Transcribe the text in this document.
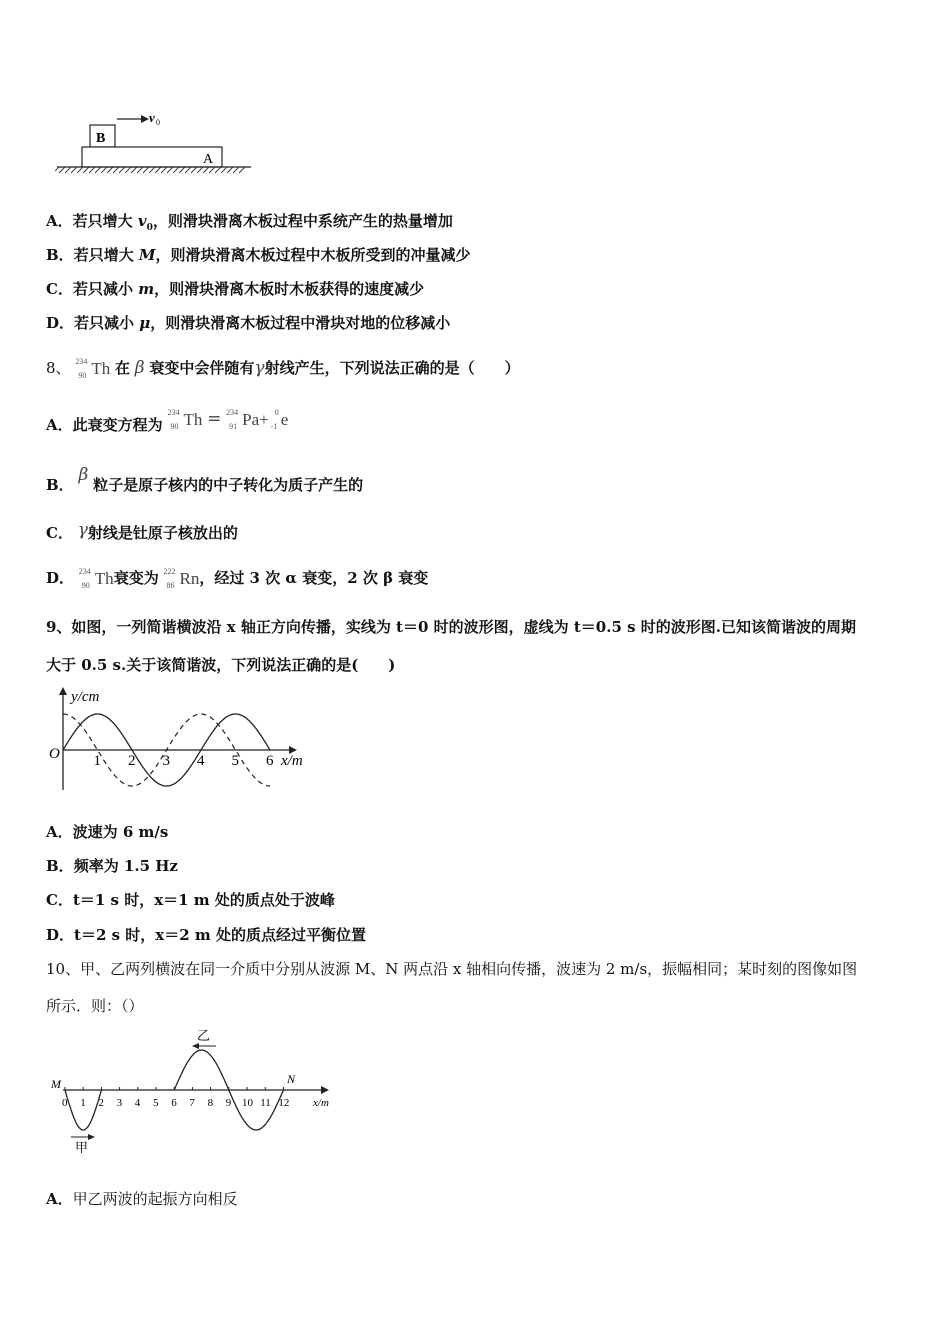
v 0
B
A
A．若只增大 $v_0$，则滑块滑离木板过程中系统产生的热量增加
B．若只增大 M，则滑块滑离木板过程中木板所受到的冲量减少
C．若只减小 m，则滑块滑离木板时木板获得的速度减少
D．若只减小 μ，则滑块滑离木板过程中滑块对地的位移减小
8、 234
90 Th 在 β 衰变中会伴随有γ射线产生，下列说法正确的是（　　）
A．此衰变方程为
234
90 Th = 234
91 Pa+ 0
-1 e
B． β 粒子是原子核内的中子转化为质子产生的
C． γ射线是钍原子核放出的
D． 234
90 Th衰变为 222
86 Rn，经过 3 次 α 衰变，2 次 β 衰变
9、如图，一列简谐横波沿 x 轴正方向传播，实线为 t＝0 时的波形图，虚线为 t＝0.5 s 时的波形图.已知该简谐波的周期
大于 0.5 s.关于该简谐波，下列说法正确的是(　　)
y/cm
x/m
O 1 2 3 4 5 6
A．波速为 6 m/s
B．频率为 1.5 Hz
C．t＝1 s 时，x＝1 m 处的质点处于波峰
D．t＝2 s 时，x＝2 m 处的质点经过平衡位置
10、甲、乙两列横波在同一介质中分别从波源 M、N 两点沿 x 轴相向传播，波速为 2 m/s，振幅相同；某时刻的图像如图
所示．则：（）
x/m
M	N
0 1 2 3 4 5 6 7 8 9 10 11 12
乙
甲
A．甲乙两波的起振方向相反
